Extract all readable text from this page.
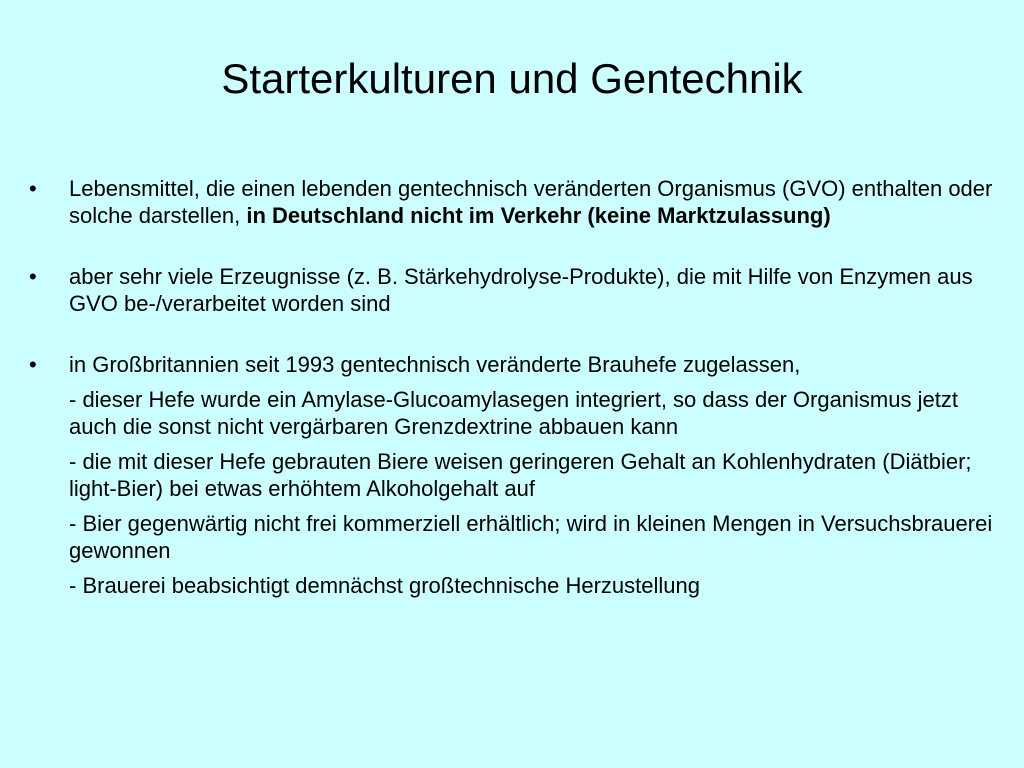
Starterkulturen und Gentechnik
• Lebensmittel, die einen lebenden gentechnisch veränderten Organismus (GVO) enthalten oder solche darstellen, in Deutschland nicht im Verkehr (keine Marktzulassung)
• aber sehr viele Erzeugnisse (z. B. Stärkehydrolyse-Produkte), die mit Hilfe von Enzymen aus GVO be-/verarbeitet worden sind
• in Großbritannien seit 1993 gentechnisch veränderte Brauhefe zugelassen,
- dieser Hefe wurde ein Amylase-Glucoamylasegen integriert, so dass der Organismus jetzt auch die sonst nicht vergärbaren Grenzdextrine abbauen kann
- die mit dieser Hefe gebrauten Biere weisen geringeren Gehalt an Kohlenhydraten (Diätbier; light-Bier) bei etwas erhöhtem Alkoholgehalt auf
- Bier gegenwärtig nicht frei kommerziell erhältlich; wird in kleinen Mengen in Versuchsbrauerei gewonnen
- Brauerei beabsichtigt demnächst großtechnische Herzustellung
